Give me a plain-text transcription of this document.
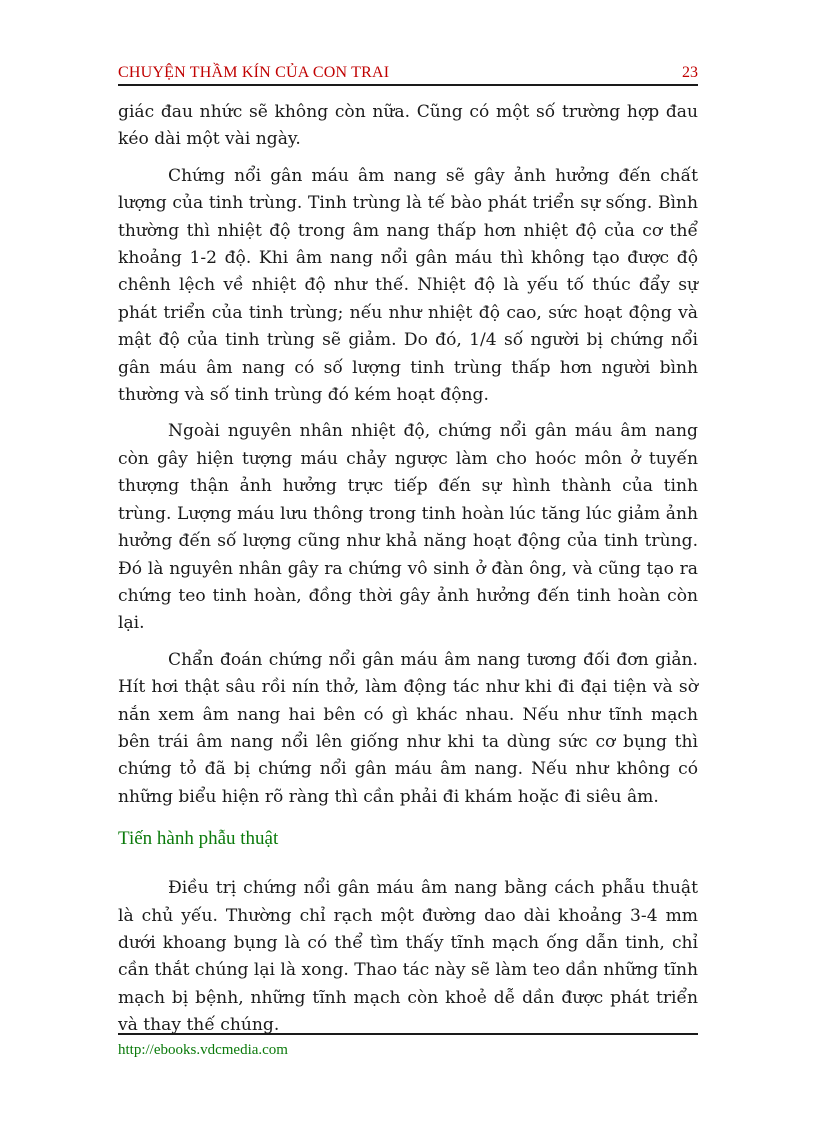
CHUYỆN THẦM KÍN CỦA CON TRAI	23

giác đau nhức sẽ không còn nữa. Cũng có một số trường hợp đau kéo dài một vài ngày.

Chứng nổi gân máu âm nang sẽ gây ảnh hưởng đến chất lượng của tinh trùng. Tinh trùng là tế bào phát triển sự sống. Bình thường thì nhiệt độ trong âm nang thấp hơn nhiệt độ của cơ thể khoảng 1-2 độ. Khi âm nang nổi gân máu thì không tạo được độ chênh lệch về nhiệt độ như thế. Nhiệt độ là yếu tố thúc đẩy sự phát triển của tinh trùng; nếu như nhiệt độ cao, sức hoạt động và mật độ của tinh trùng sẽ giảm. Do đó, 1/4 số người bị chứng nổi gân máu âm nang có số lượng tinh trùng thấp hơn người bình thường và số tinh trùng đó kém hoạt động.

Ngoài nguyên nhân nhiệt độ, chứng nổi gân máu âm nang còn gây hiện tượng máu chảy ngược làm cho hoóc môn ở tuyến thượng thận ảnh hưởng trực tiếp đến sự hình thành của tinh trùng. Lượng máu lưu thông trong tinh hoàn lúc tăng lúc giảm ảnh hưởng đến số lượng cũng như khả năng hoạt động của tinh trùng. Đó là nguyên nhân gây ra chứng vô sinh ở đàn ông, và cũng tạo ra chứng teo tinh hoàn, đồng thời gây ảnh hưởng đến tinh hoàn còn lại.

Chẩn đoán chứng nổi gân máu âm nang tương đối đơn giản. Hít hơi thật sâu rồi nín thở, làm động tác như khi đi đại tiện và sờ nắn xem âm nang hai bên có gì khác nhau. Nếu như tĩnh mạch bên trái âm nang nổi lên giống như khi ta dùng sức cơ bụng thì chứng tỏ đã bị chứng nổi gân máu âm nang. Nếu như không có những biểu hiện rõ ràng thì cần phải đi khám hoặc đi siêu âm.

Tiến hành phẫu thuật

Điều trị chứng nổi gân máu âm nang bằng cách phẫu thuật là chủ yếu. Thường chỉ rạch một đường dao dài khoảng 3-4 mm dưới khoang bụng là có thể tìm thấy tĩnh mạch ống dẫn tinh, chỉ cần thắt chúng lại là xong. Thao tác này sẽ làm teo dần những tĩnh mạch bị bệnh, những tĩnh mạch còn khoẻ dễ dần được phát triển và thay thế chúng.

http://ebooks.vdcmedia.com
